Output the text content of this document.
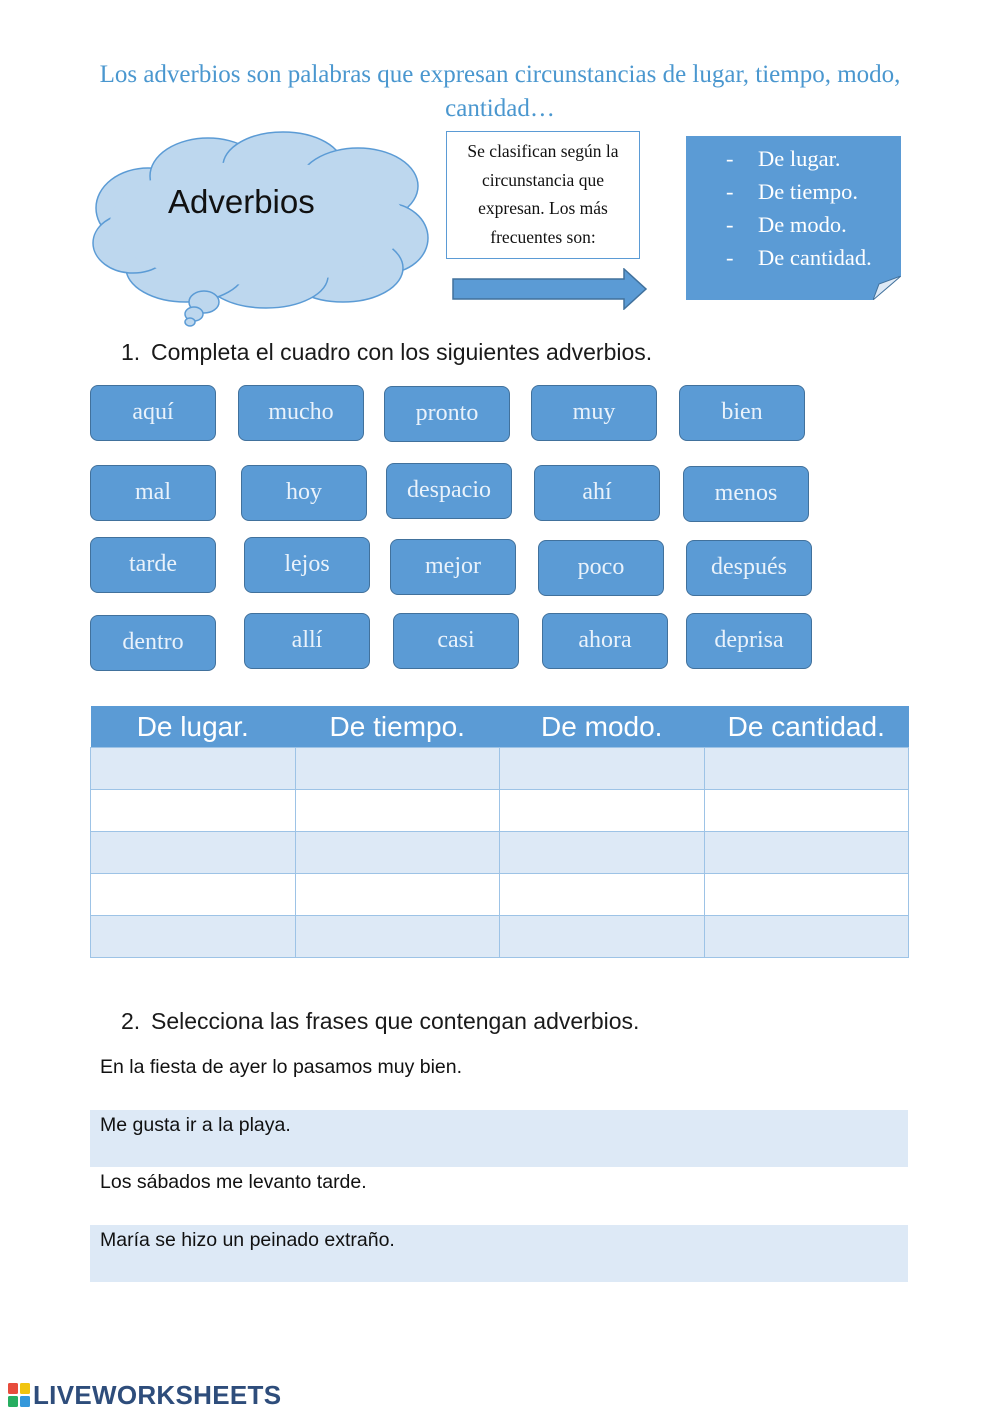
Los adverbios son palabras que expresan circunstancias de lugar, tiempo, modo, cantidad…
Adverbios
Se clasifican según la circunstancia que expresan. Los más frecuentes son:
- De lugar.
- De tiempo.
- De modo.
- De cantidad.
1. Completa el cuadro con los siguientes adverbios.
aquí	mucho	pronto	muy	bien
mal	hoy	despacio	ahí	menos
tarde	lejos	mejor	poco	después
dentro	allí	casi	ahora	deprisa
De lugar.	De tiempo.	De modo.	De cantidad.

2. Selecciona las frases que contengan adverbios.
En la fiesta de ayer lo pasamos muy bien.
Me gusta ir a la playa.
Los sábados me levanto tarde.
María se hizo un peinado extraño.
LIVEWORKSHEETS
